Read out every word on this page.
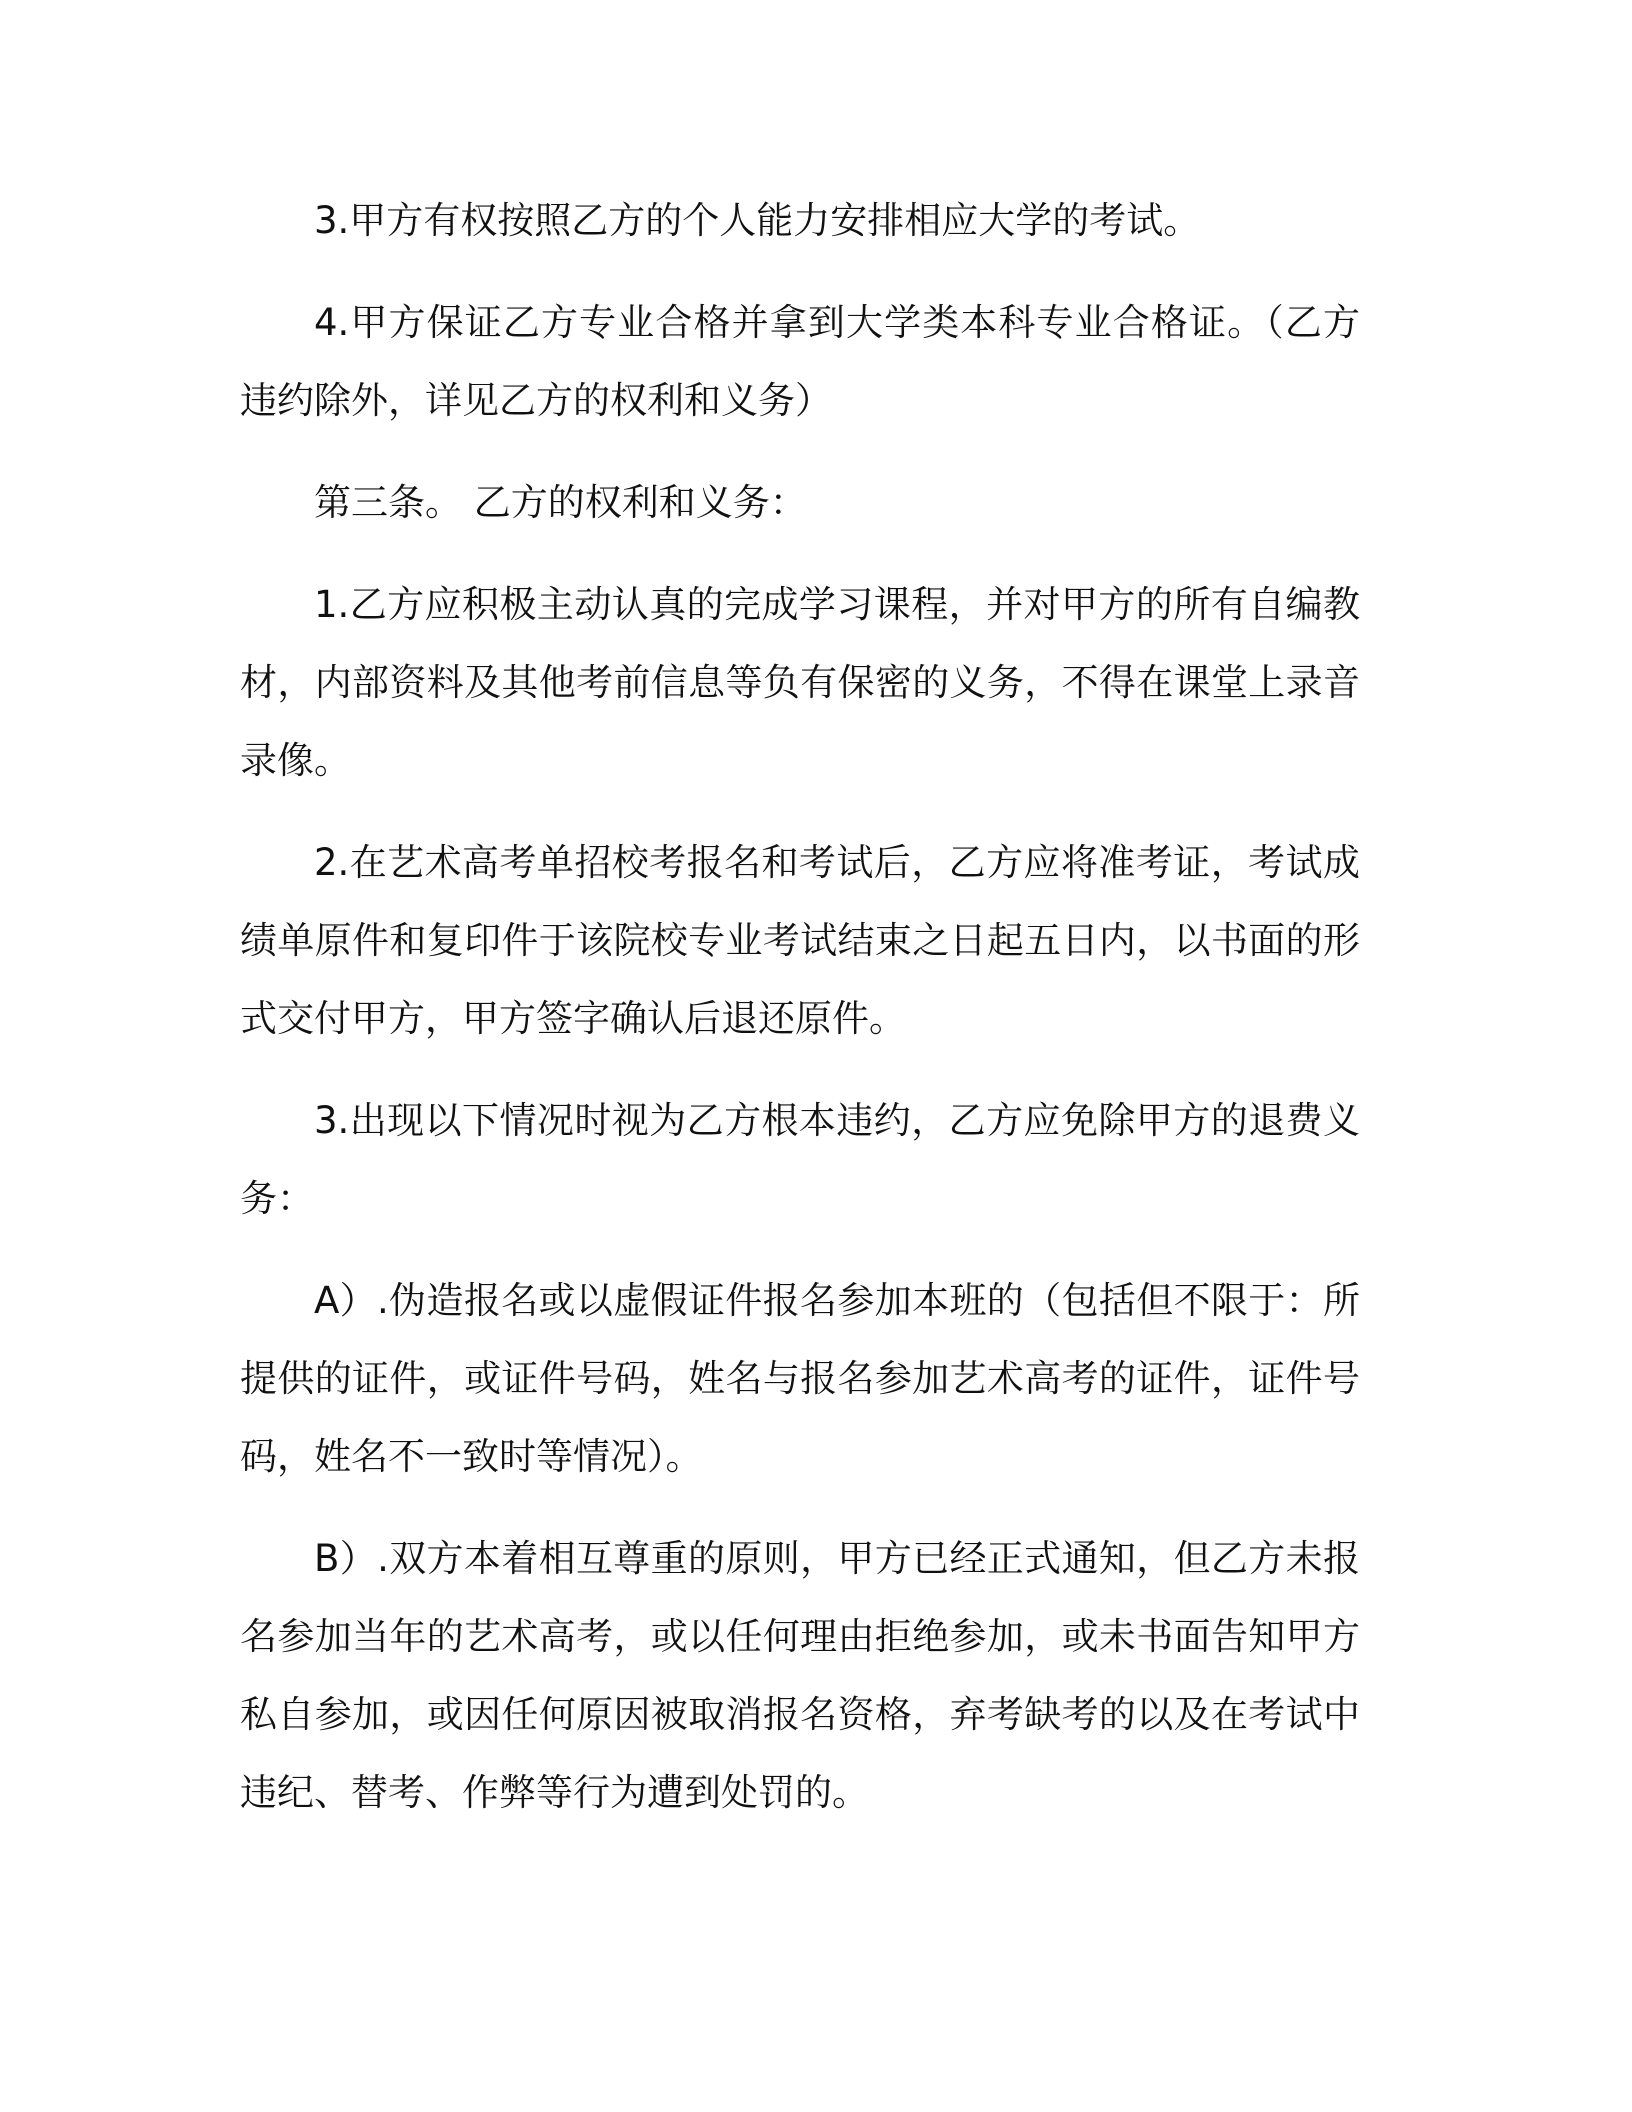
3.甲方有权按照乙方的个人能力安排相应大学的考试。

4.甲方保证乙方专业合格并拿到大学类本科专业合格证。（乙方违约除外，详见乙方的权利和义务）

第三条。 乙方的权利和义务：

1.乙方应积极主动认真的完成学习课程，并对甲方的所有自编教材，内部资料及其他考前信息等负有保密的义务，不得在课堂上录音录像。

2.在艺术高考单招校考报名和考试后，乙方应将准考证，考试成绩单原件和复印件于该院校专业考试结束之日起五日内，以书面的形式交付甲方，甲方签字确认后退还原件。

3.出现以下情况时视为乙方根本违约，乙方应免除甲方的退费义务：

A）.伪造报名或以虚假证件报名参加本班的（包括但不限于：所提供的证件，或证件号码，姓名与报名参加艺术高考的证件，证件号码，姓名不一致时等情况）。

B）.双方本着相互尊重的原则，甲方已经正式通知，但乙方未报名参加当年的艺术高考，或以任何理由拒绝参加，或未书面告知甲方私自参加，或因任何原因被取消报名资格，弃考缺考的以及在考试中违纪、替考、作弊等行为遭到处罚的。
